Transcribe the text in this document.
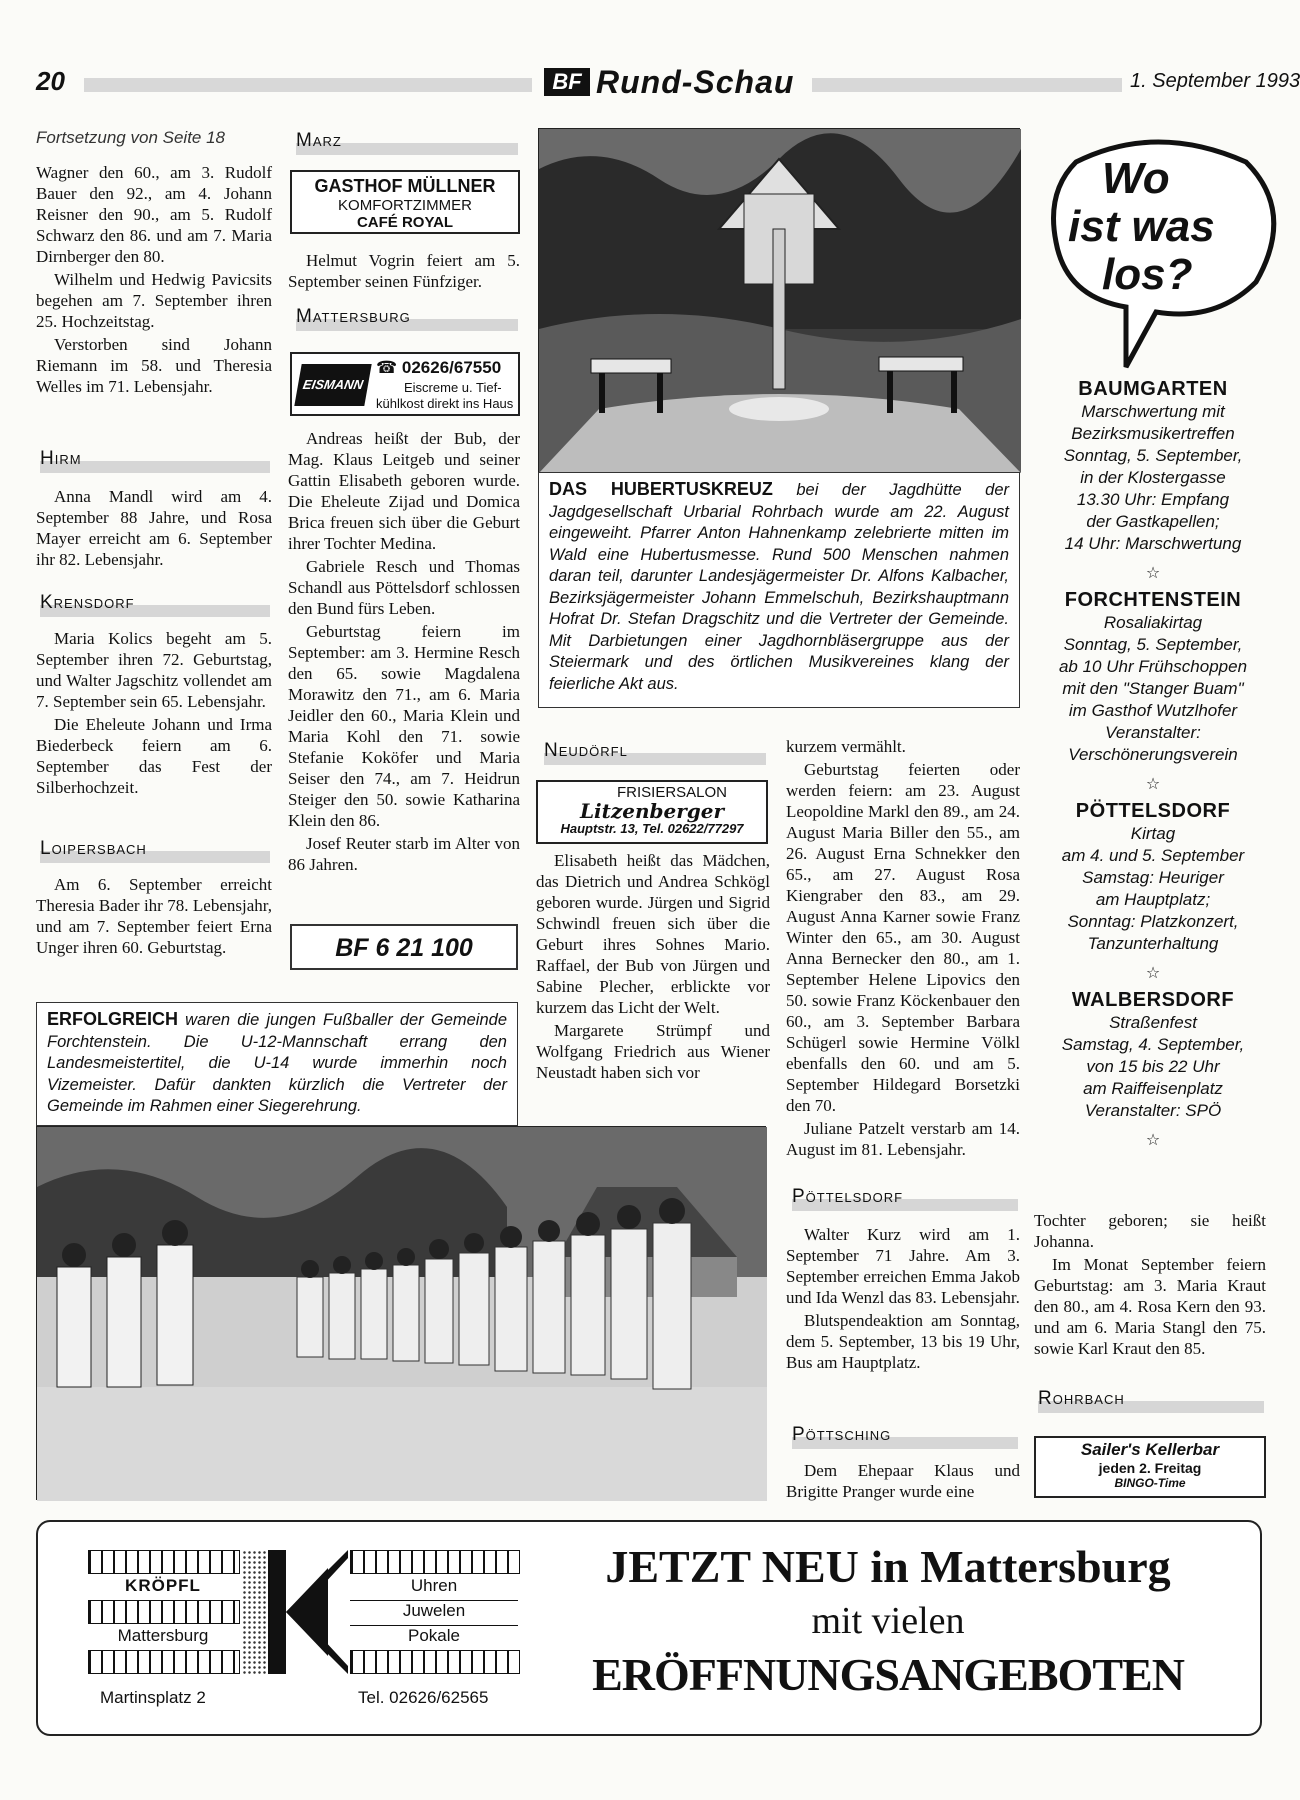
20	BF Rund-Schau	1. September 1993
Fortsetzung von Seite 18

Wagner den 60., am 3. Rudolf Bauer den 92., am 4. Johann Reisner den 90., am 5. Rudolf Schwarz den 86. und am 7. Maria Dirnberger den 80.

Wilhelm und Hedwig Pavicsits begehen am 7. September ihren 25. Hochzeitstag.

Verstorben sind Johann Riemann im 58. und Theresia Welles im 71. Lebensjahr.

Hirm

Anna Mandl wird am 4. September 88 Jahre, und Rosa Mayer erreicht am 6. September ihr 82. Lebensjahr.

Krensdorf

Maria Kolics begeht am 5. September ihren 72. Geburtstag, und Walter Jagschitz vollendet am 7. September sein 65. Lebensjahr.

Die Eheleute Johann und Irma Biederbeck feiern am 6. September das Fest der Silberhochzeit.

Loipersbach

Am 6. September erreicht Theresia Bader ihr 78. Lebensjahr, und am 7. September feiert Erna Unger ihren 60. Geburtstag.

Marz
GASTHOF MÜLLNER
KOMFORTZIMMER
CAFÉ ROYAL

Helmut Vogrin feiert am 5. September seinen Fünfziger.

Mattersburg
EISMANN
☎ 02626/67550
Eiscreme u. Tief-
kühlkost direkt ins Haus

Andreas heißt der Bub, der Mag. Klaus Leitgeb und seiner Gattin Elisabeth geboren wurde. Die Eheleute Zijad und Domica Brica freuen sich über die Geburt ihrer Tochter Medina.

Gabriele Resch und Thomas Schandl aus Pöttelsdorf schlossen den Bund fürs Leben.

Geburtstag feiern im September: am 3. Hermine Resch den 65. sowie Magdalena Morawitz den 71., am 6. Maria Jeidler den 60., Maria Klein und Maria Kohl den 71. sowie Stefanie Koköfer und Maria Seiser den 74., am 7. Heidrun Steiger den 50. sowie Katharina Klein den 86.

Josef Reuter starb im Alter von 86 Jahren.

BF 6 21 100
DAS HUBERTUSKREUZ bei der Jagdhütte der Jagdgesellschaft Urbarial Rohrbach wurde am 22. August eingeweiht. Pfarrer Anton Hahnenkamp zelebrierte mitten im Wald eine Hubertusmesse. Rund 500 Menschen nahmen daran teil, darunter Landesjägermeister Dr. Alfons Kalbacher, Bezirksjägermeister Johann Emmelschuh, Bezirkshauptmann Hofrat Dr. Stefan Dragschitz und die Vertreter der Gemeinde. Mit Darbietungen einer Jagdhornbläsergruppe aus der Steiermark und des örtlichen Musikvereines klang der feierliche Akt aus.
Neudörfl
FRISIERSALON
Litzenberger
Hauptstr. 13, Tel. 02622/77297

Elisabeth heißt das Mädchen, das Dietrich und Andrea Schkögl geboren wurde. Jürgen und Sigrid Schwindl freuen sich über die Geburt ihres Sohnes Mario. Raffael, der Bub von Jürgen und Sabine Plecher, erblickte vor kurzem das Licht der Welt.

Margarete Strümpf und Wolfgang Friedrich aus Wiener Neustadt haben sich vor

kurzem vermählt.

Geburtstag feierten oder werden feiern: am 23. August Leopoldine Markl den 89., am 24. August Maria Biller den 55., am 26. August Erna Schnekker den 65., am 27. August Rosa Kiengraber den 83., am 29. August Anna Karner sowie Franz Winter den 65., am 30. August Anna Bernecker den 80., am 1. September Helene Lipovics den 50. sowie Franz Köckenbauer den 60., am 3. September Barbara Schügerl sowie Hermine Völkl ebenfalls den 60. und am 5. September Hildegard Borsetzki den 70.

Juliane Patzelt verstarb am 14. August im 81. Lebensjahr.

Pöttelsdorf

Walter Kurz wird am 1. September 71 Jahre. Am 3. September erreichen Emma Jakob und Ida Wenzl das 83. Lebensjahr.

Blutspendeaktion am Sonntag, dem 5. September, 13 bis 19 Uhr, Bus am Hauptplatz.

Pöttsching

Dem Ehepaar Klaus und Brigitte Pranger wurde eine

ERFOLGREICH waren die jungen Fußballer der Gemeinde Forchtenstein. Die U-12-Mannschaft errang den Landesmeistertitel, die U-14 wurde immerhin noch Vizemeister. Dafür dankten kürzlich die Vertreter der Gemeinde im Rahmen einer Siegerehrung.
Wo
ist was
los?
BAUMGARTEN
Marschwertung mit
Bezirksmusikertreffen
Sonntag, 5. September,
in der Klostergasse
13.30 Uhr: Empfang
der Gastkapellen;
14 Uhr: Marschwertung
☆
FORCHTENSTEIN
Rosaliakirtag
Sonntag, 5. September,
ab 10 Uhr Frühschoppen
mit den "Stanger Buam"
im Gasthof Wutzlhofer
Veranstalter:
Verschönerungsverein
☆
PÖTTELSDORF
Kirtag
am 4. und 5. September
Samstag: Heuriger
am Hauptplatz;
Sonntag: Platzkonzert,
Tanzunterhaltung
☆
WALBERSDORF
Straßenfest
Samstag, 4. September,
von 15 bis 22 Uhr
am Raiffeisenplatz
Veranstalter: SPÖ
☆

Tochter geboren; sie heißt Johanna.

Im Monat September feiern Geburtstag: am 3. Maria Kraut den 80., am 4. Rosa Kern den 93. und am 6. Maria Stangl den 75. sowie Karl Kraut den 85.

Rohrbach
Sailer's Kellerbar
jeden 2. Freitag
BINGO-Time
KRÖPFL
Mattersburg
Uhren
Juwelen
Pokale
Martinsplatz 2	Tel. 02626/62565
JETZT NEU in Mattersburg
mit vielen
ERÖFFNUNGSANGEBOTEN
